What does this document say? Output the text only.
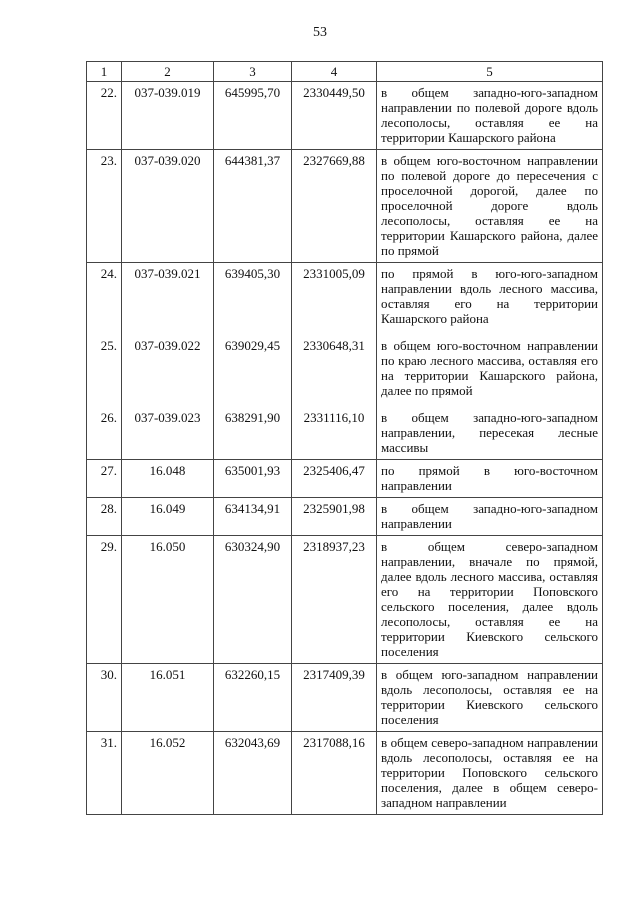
53
1	2	3	4	5
22.	037-039.019	645995,70	2330449,50	в общем западно-юго-западном направлении по полевой дороге вдоль лесополосы, оставляя ее на территории Кашарского района
23.	037-039.020	644381,37	2327669,88	в общем юго-восточном направлении по полевой дороге до пересечения с проселочной дорогой, далее по проселочной дороге вдоль лесополосы, оставляя ее на территории Кашарского района, далее по прямой
24.	037-039.021	639405,30	2331005,09	по прямой в юго-юго-западном направлении вдоль лесного массива, оставляя его на территории Кашарского района
25.	037-039.022	639029,45	2330648,31	в общем юго-восточном направлении по краю лесного массива, оставляя его на территории Кашарского района, далее по прямой
26.	037-039.023	638291,90	2331116,10	в общем западно-юго-западном направлении, пересекая лесные массивы
27.	16.048	635001,93	2325406,47	по прямой в юго-восточном направлении
28.	16.049	634134,91	2325901,98	в общем западно-юго-западном направлении
29.	16.050	630324,90	2318937,23	в общем северо-западном направлении, вначале по прямой, далее вдоль лесного массива, оставляя его на территории Поповского сельского поселения, далее вдоль лесополосы, оставляя ее на территории Киевского сельского поселения
30.	16.051	632260,15	2317409,39	в общем юго-западном направлении вдоль лесополосы, оставляя ее на территории Киевского сельского поселения
31.	16.052	632043,69	2317088,16	в общем северо-западном направлении вдоль лесополосы, оставляя ее на территории Поповского сельского поселения, далее в общем северо-западном направлении
